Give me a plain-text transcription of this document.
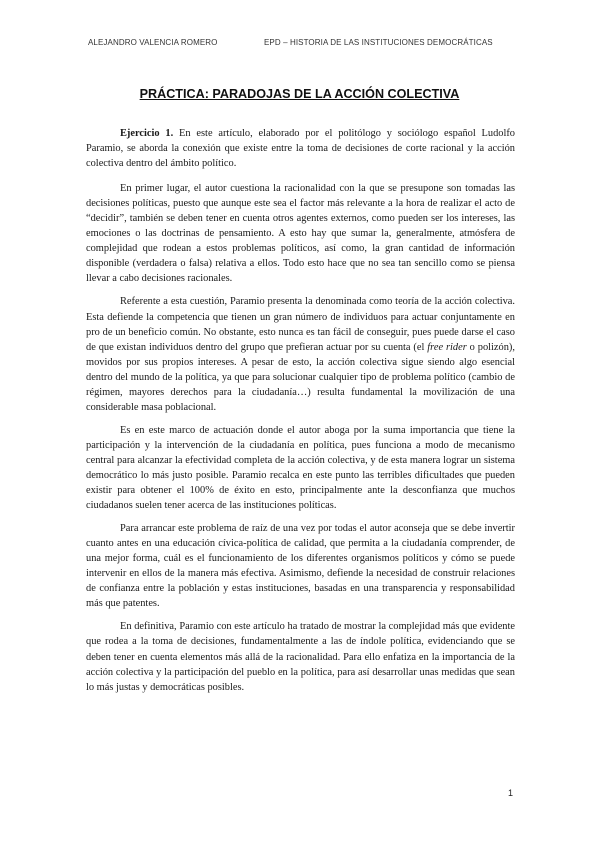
ALEJANDRO VALENCIA ROMERO	EPD – HISTORIA DE LAS INSTITUCIONES DEMOCRÁTICAS
PRÁCTICA: PARADOJAS DE LA ACCIÓN COLECTIVA

Ejercicio 1. En este artículo, elaborado por el politólogo y sociólogo español Ludolfo Paramio, se aborda la conexión que existe entre la toma de decisiones de corte racional y la acción colectiva dentro del ámbito político.

En primer lugar, el autor cuestiona la racionalidad con la que se presupone son tomadas las decisiones políticas, puesto que aunque este sea el factor más relevante a la hora de realizar el acto de “decidir”, también se deben tener en cuenta otros agentes externos, como pueden ser los intereses, las emociones o las doctrinas de pensamiento. A esto hay que sumar la, generalmente, atmósfera de complejidad que rodean a estos problemas políticos, así como, la gran cantidad de información disponible (verdadera o falsa) relativa a ellos. Todo esto hace que no sea tan sencillo como se piensa llevar a cabo decisiones racionales.

Referente a esta cuestión, Paramio presenta la denominada como teoría de la acción colectiva. Esta defiende la competencia que tienen un gran número de individuos para actuar conjuntamente en pro de un beneficio común. No obstante, esto nunca es tan fácil de conseguir, pues puede darse el caso de que existan individuos dentro del grupo que prefieran actuar por su cuenta (el free rider o polizón), movidos por sus propios intereses. A pesar de esto, la acción colectiva sigue siendo algo esencial dentro del mundo de la política, ya que para solucionar cualquier tipo de problema político (cambio de régimen, mayores derechos para la ciudadanía…) resulta fundamental la movilización de una considerable masa poblacional.

Es en este marco de actuación donde el autor aboga por la suma importancia que tiene la participación y la intervención de la ciudadanía en política, pues funciona a modo de mecanismo central para alcanzar la efectividad completa de la acción colectiva, y de esta manera lograr un sistema democrático lo más justo posible. Paramio recalca en este punto las terribles dificultades que pueden existir para obtener el 100% de éxito en esto, principalmente ante la desconfianza que muchos ciudadanos suelen tener acerca de las instituciones políticas.

Para arrancar este problema de raíz de una vez por todas el autor aconseja que se debe invertir cuanto antes en una educación cívica-política de calidad, que permita a la ciudadanía comprender, de una mejor forma, cuál es el funcionamiento de los diferentes organismos políticos y cómo se puede intervenir en ellos de la manera más efectiva. Asimismo, defiende la necesidad de construir relaciones de confianza entre la población y estas instituciones, basadas en una transparencia y responsabilidad más que patentes.

En definitiva, Paramio con este artículo ha tratado de mostrar la complejidad más que evidente que rodea a la toma de decisiones, fundamentalmente a las de índole política, evidenciando que se deben tener en cuenta elementos más allá de la racionalidad. Para ello enfatiza en la importancia de la acción colectiva y la participación del pueblo en la política, para así desarrollar unas medidas que sean lo más justas y democráticas posibles.

1
